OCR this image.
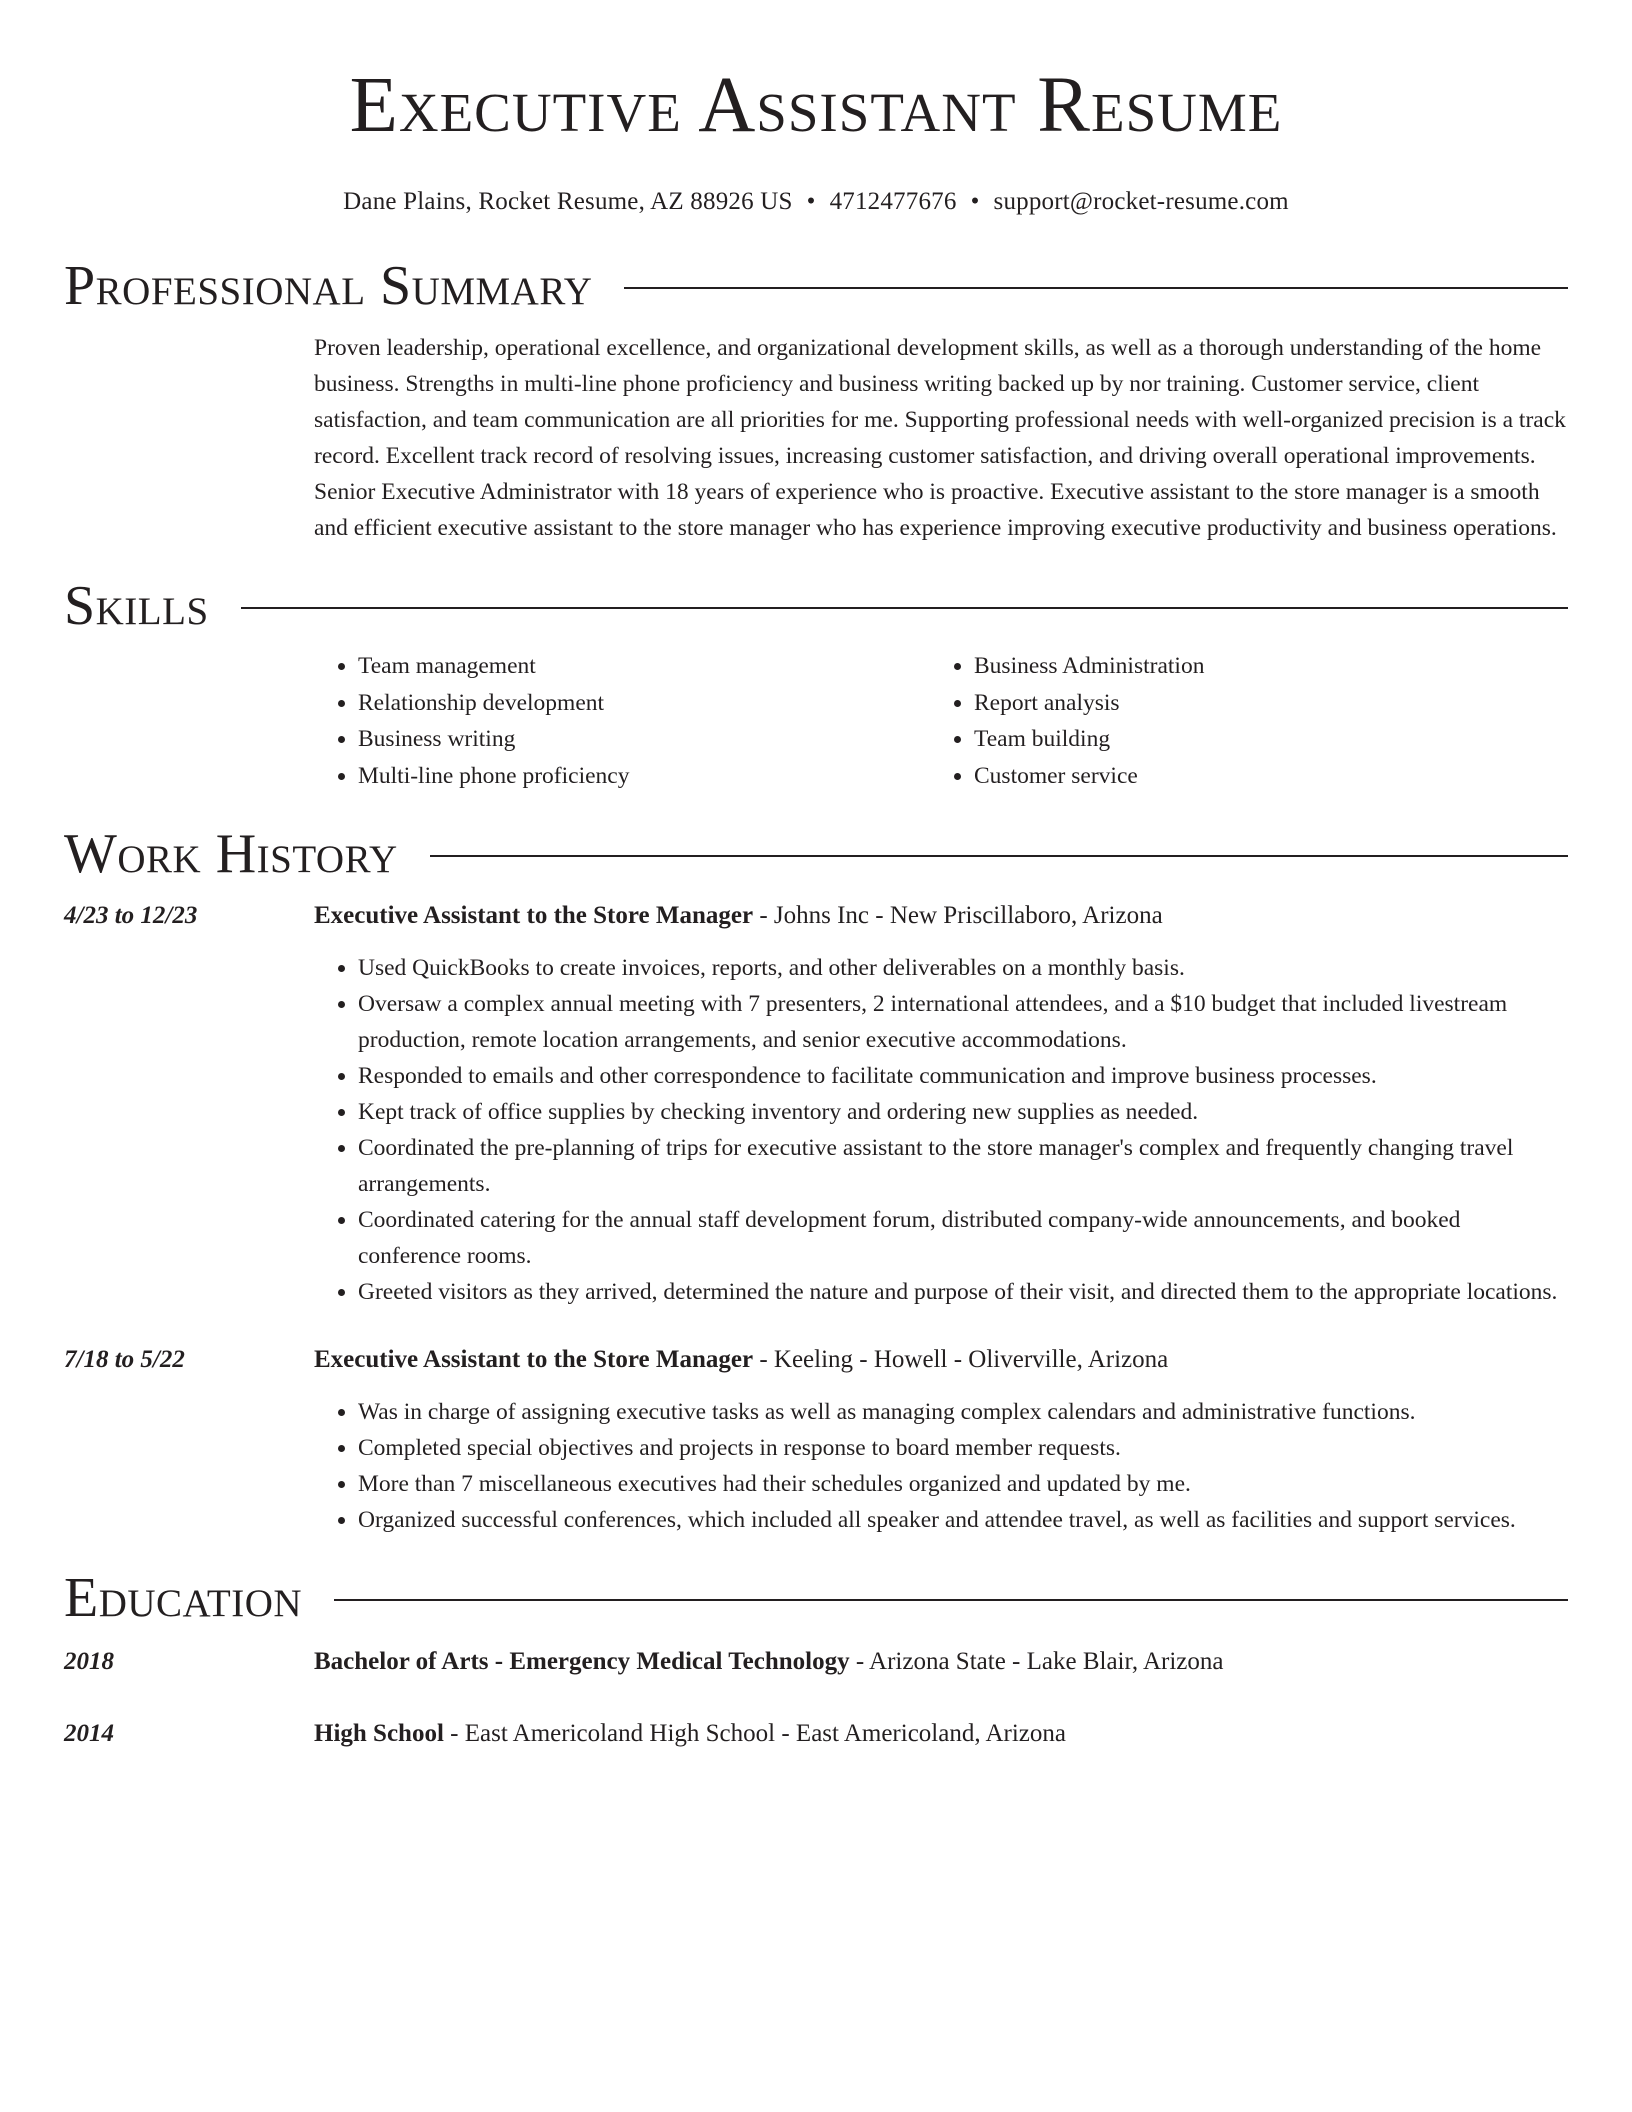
Executive Assistant Resume
Dane Plains, Rocket Resume, AZ 88926 US • 4712477676 • support@rocket-resume.com
Professional Summary
Proven leadership, operational excellence, and organizational development skills, as well as a thorough understanding of the home business. Strengths in multi-line phone proficiency and business writing backed up by nor training. Customer service, client satisfaction, and team communication are all priorities for me. Supporting professional needs with well-organized precision is a track record. Excellent track record of resolving issues, increasing customer satisfaction, and driving overall operational improvements. Senior Executive Administrator with 18 years of experience who is proactive. Executive assistant to the store manager is a smooth and efficient executive assistant to the store manager who has experience improving executive productivity and business operations.
Skills
• Team management
• Relationship development
• Business writing
• Multi-line phone proficiency
• Business Administration
• Report analysis
• Team building
• Customer service
Work History
4/23 to 12/23	Executive Assistant to the Store Manager - Johns Inc - New Priscillaboro, Arizona
• Used QuickBooks to create invoices, reports, and other deliverables on a monthly basis.
• Oversaw a complex annual meeting with 7 presenters, 2 international attendees, and a $10 budget that included livestream production, remote location arrangements, and senior executive accommodations.
• Responded to emails and other correspondence to facilitate communication and improve business processes.
• Kept track of office supplies by checking inventory and ordering new supplies as needed.
• Coordinated the pre-planning of trips for executive assistant to the store manager's complex and frequently changing travel arrangements.
• Coordinated catering for the annual staff development forum, distributed company-wide announcements, and booked conference rooms.
• Greeted visitors as they arrived, determined the nature and purpose of their visit, and directed them to the appropriate locations.
7/18 to 5/22	Executive Assistant to the Store Manager - Keeling - Howell - Oliverville, Arizona
• Was in charge of assigning executive tasks as well as managing complex calendars and administrative functions.
• Completed special objectives and projects in response to board member requests.
• More than 7 miscellaneous executives had their schedules organized and updated by me.
• Organized successful conferences, which included all speaker and attendee travel, as well as facilities and support services.
Education
2018	Bachelor of Arts - Emergency Medical Technology - Arizona State - Lake Blair, Arizona
2014	High School - East Americoland High School - East Americoland, Arizona
